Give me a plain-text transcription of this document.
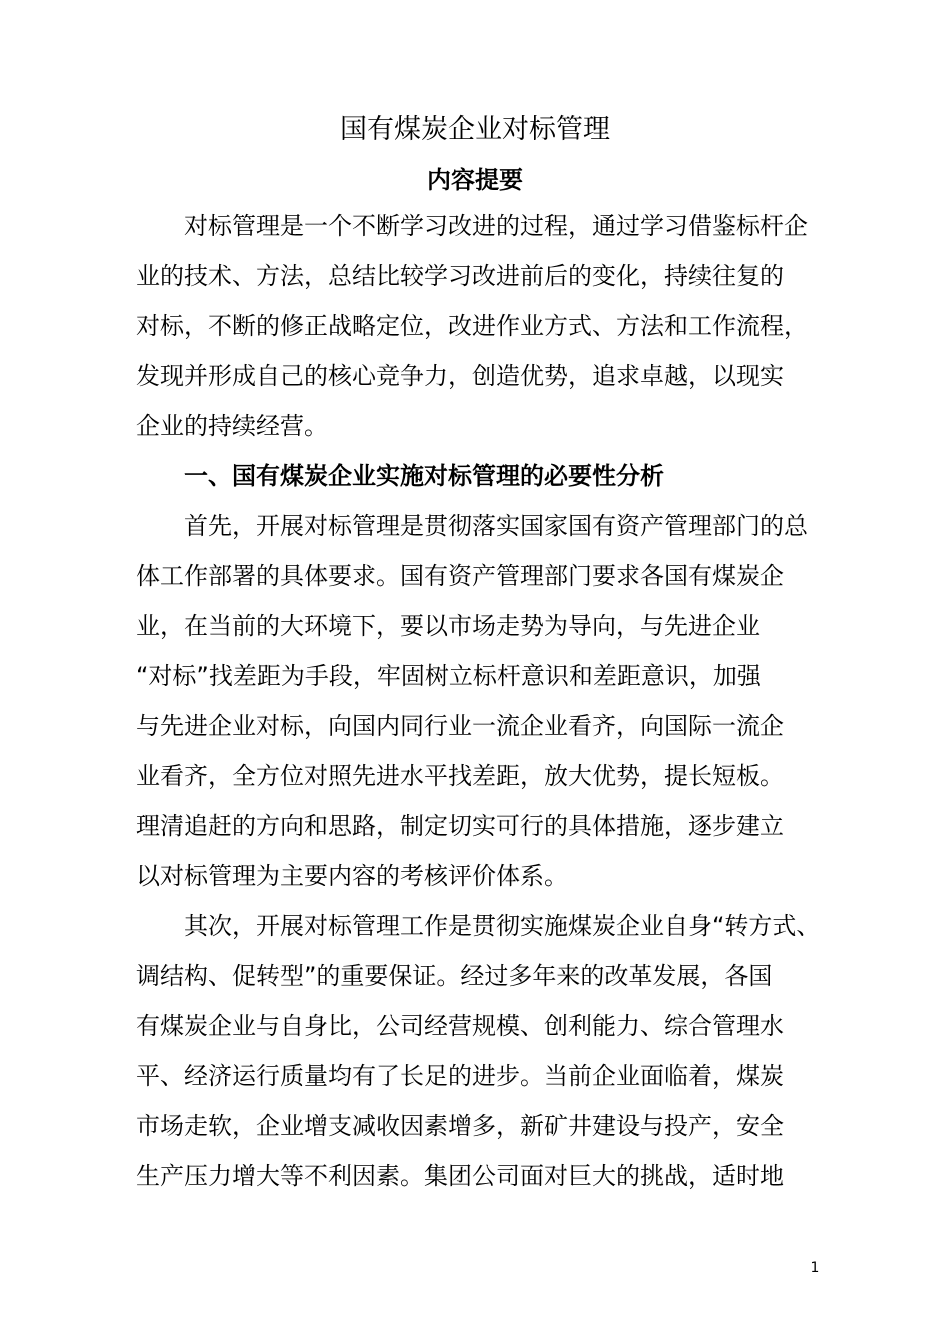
国有煤炭企业对标管理
内容提要
对标管理是一个不断学习改进的过程，通过学习借鉴标杆企
业的技术、方法，总结比较学习改进前后的变化，持续往复的
对标，不断的修正战略定位，改进作业方式、方法和工作流程，
发现并形成自己的核心竞争力，创造优势，追求卓越，以现实
企业的持续经营。
一、国有煤炭企业实施对标管理的必要性分析
首先，开展对标管理是贯彻落实国家国有资产管理部门的总
体工作部署的具体要求。国有资产管理部门要求各国有煤炭企
业，在当前的大环境下，要以市场走势为导向，与先进企业
“对标”找差距为手段，牢固树立标杆意识和差距意识，加强
与先进企业对标，向国内同行业一流企业看齐，向国际一流企
业看齐，全方位对照先进水平找差距，放大优势，提长短板。
理清追赶的方向和思路，制定切实可行的具体措施，逐步建立
以对标管理为主要内容的考核评价体系。
其次，开展对标管理工作是贯彻实施煤炭企业自身“转方式、
调结构、促转型”的重要保证。经过多年来的改革发展，各国
有煤炭企业与自身比，公司经营规模、创利能力、综合管理水
平、经济运行质量均有了长足的进步。当前企业面临着，煤炭
市场走软，企业增支减收因素增多，新矿井建设与投产，安全
生产压力增大等不利因素。集团公司面对巨大的挑战，适时地
1
